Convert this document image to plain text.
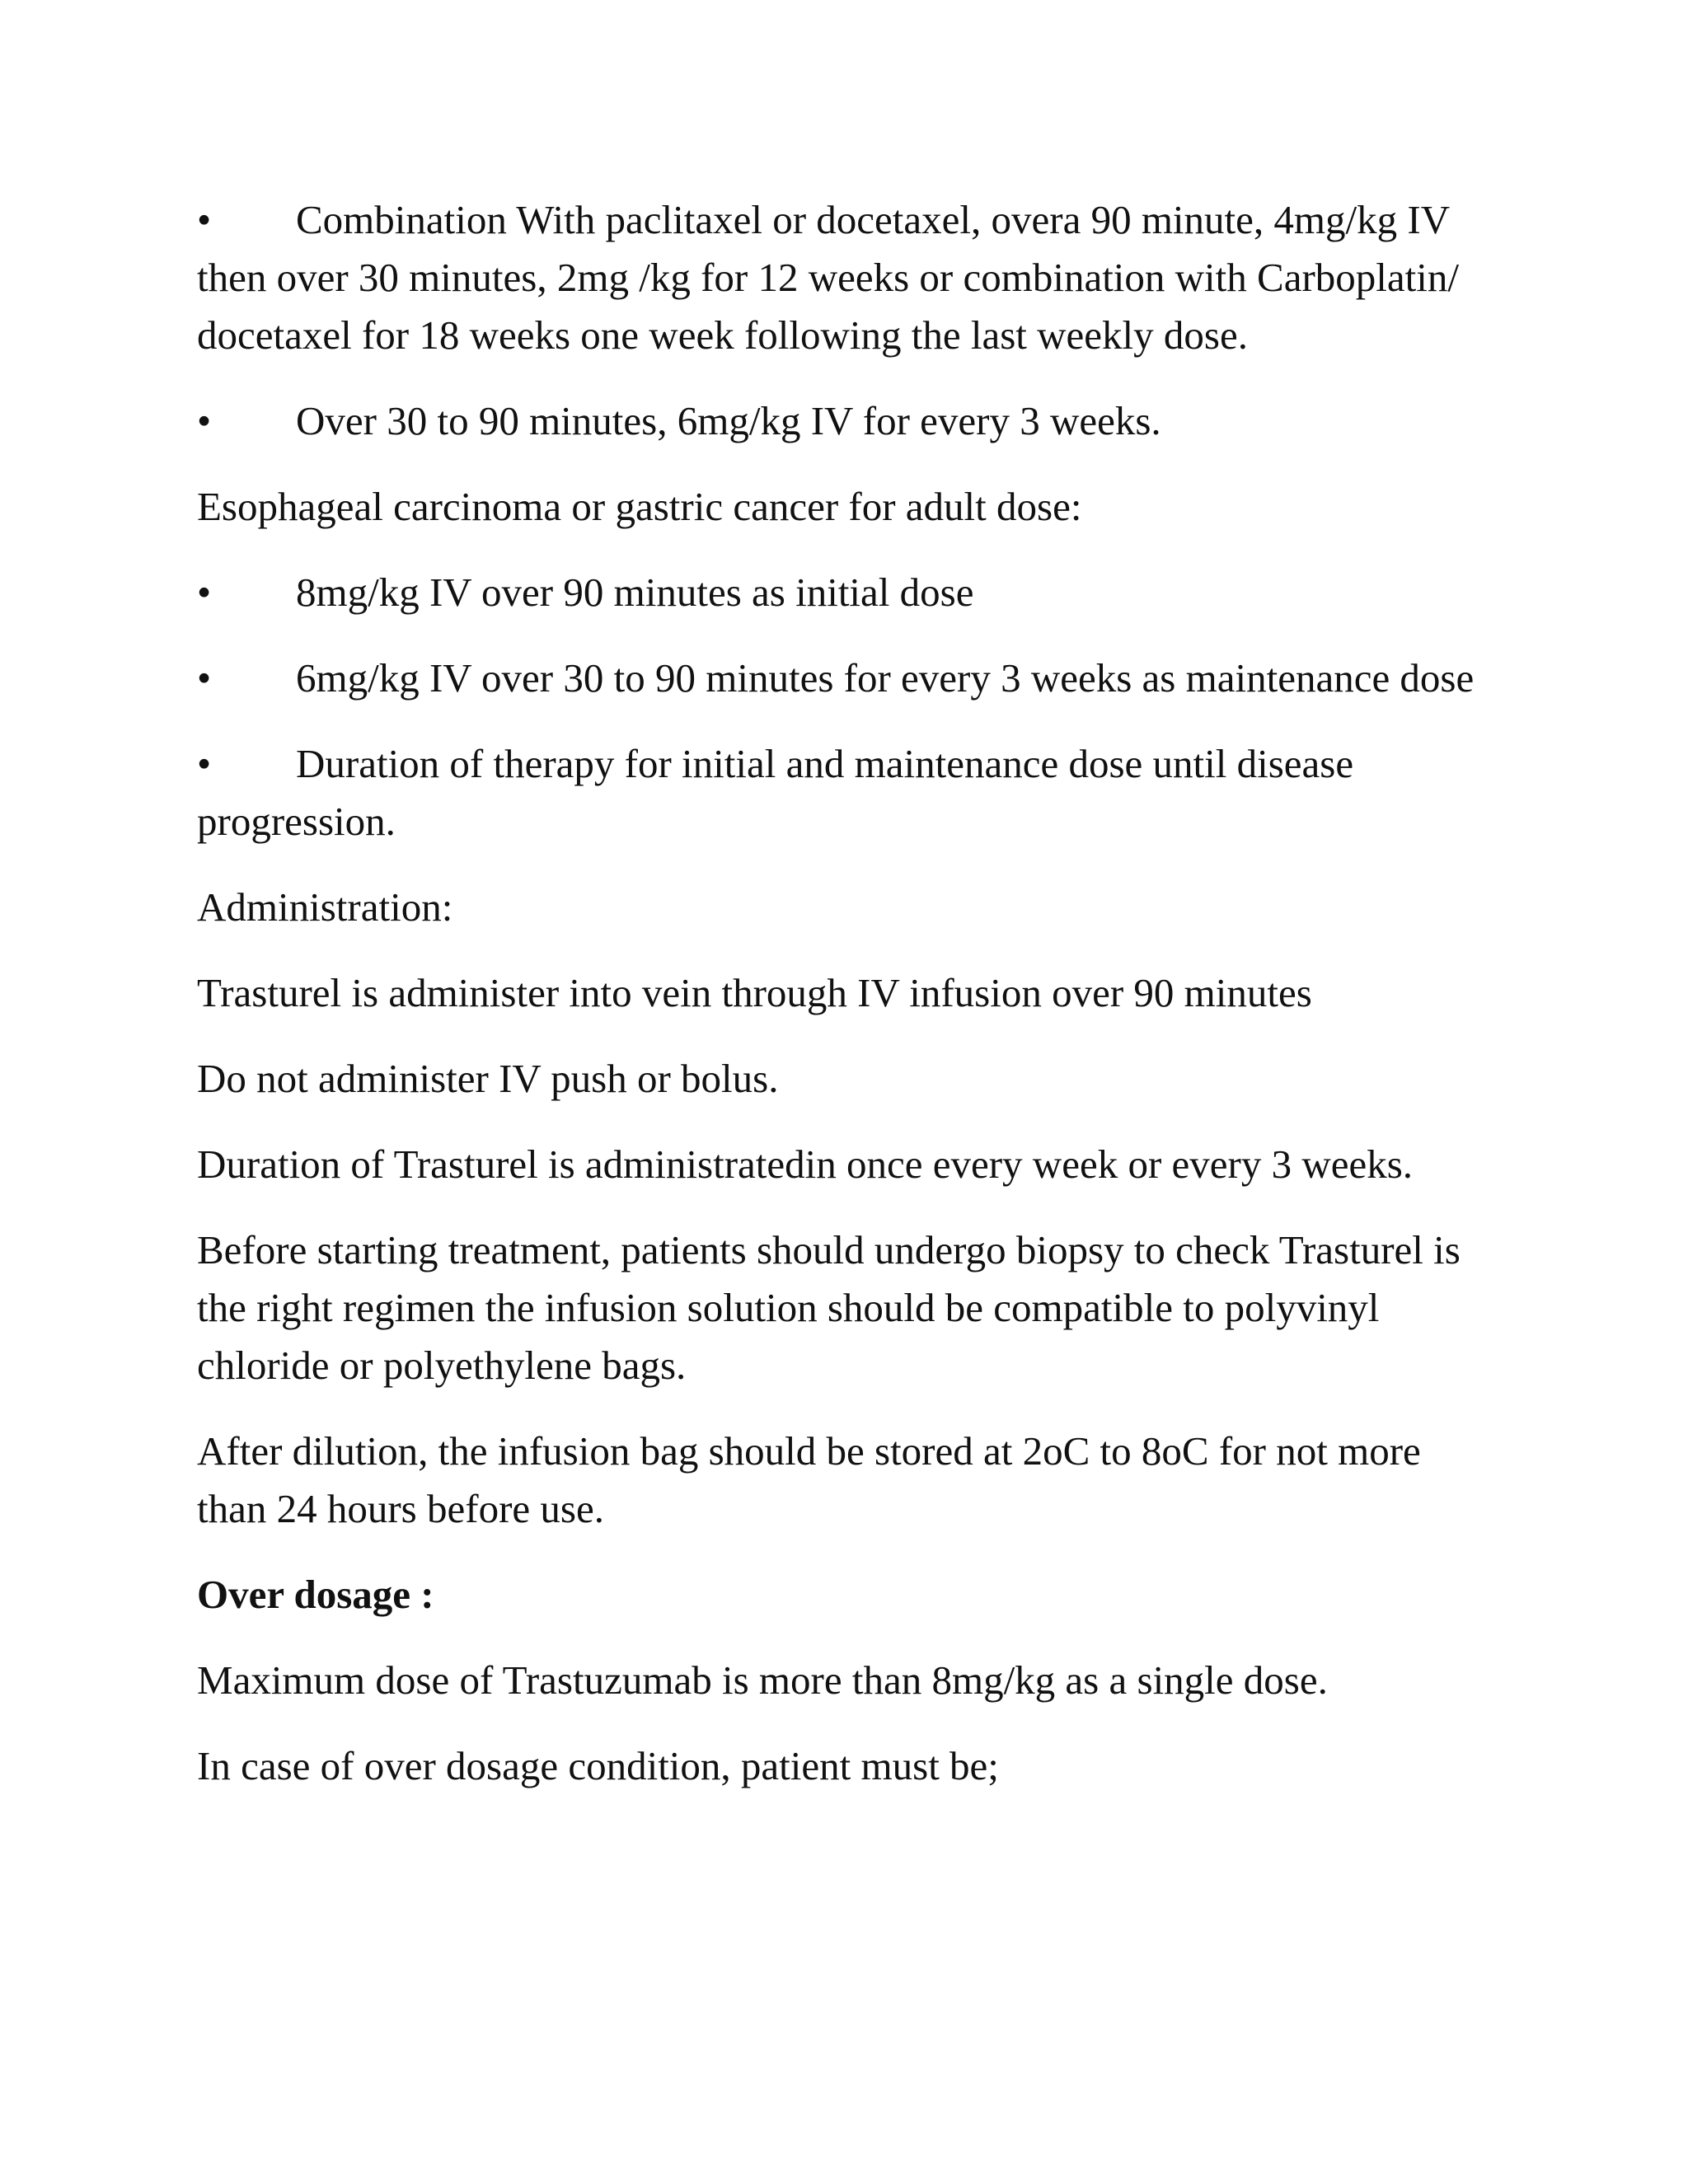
• Combination With paclitaxel or docetaxel, overa 90 minute, 4mg/kg IV then over 30 minutes, 2mg /kg for 12 weeks or combination with Carboplatin/ docetaxel for 18 weeks one week following the last weekly dose.

• Over 30 to 90 minutes, 6mg/kg IV for every 3 weeks.

Esophageal carcinoma or gastric cancer for adult dose:

• 8mg/kg IV over 90 minutes as initial dose

• 6mg/kg IV over 30 to 90 minutes for every 3 weeks as maintenance dose

• Duration of therapy for initial and maintenance dose until disease progression.

Administration:

Trasturel is administer into vein through IV infusion over 90 minutes

Do not administer IV push or bolus.

Duration of Trasturel is administratedin once every week or every 3 weeks.

Before starting treatment, patients should undergo biopsy to check Trasturel is the right regimen the infusion solution should be compatible to polyvinyl chloride or polyethylene bags.

After dilution, the infusion bag should be stored at 2oC to 8oC for not more than 24 hours before use.

Over dosage :

Maximum dose of Trastuzumab is more than 8mg/kg as a single dose.

In case of over dosage condition, patient must be;
